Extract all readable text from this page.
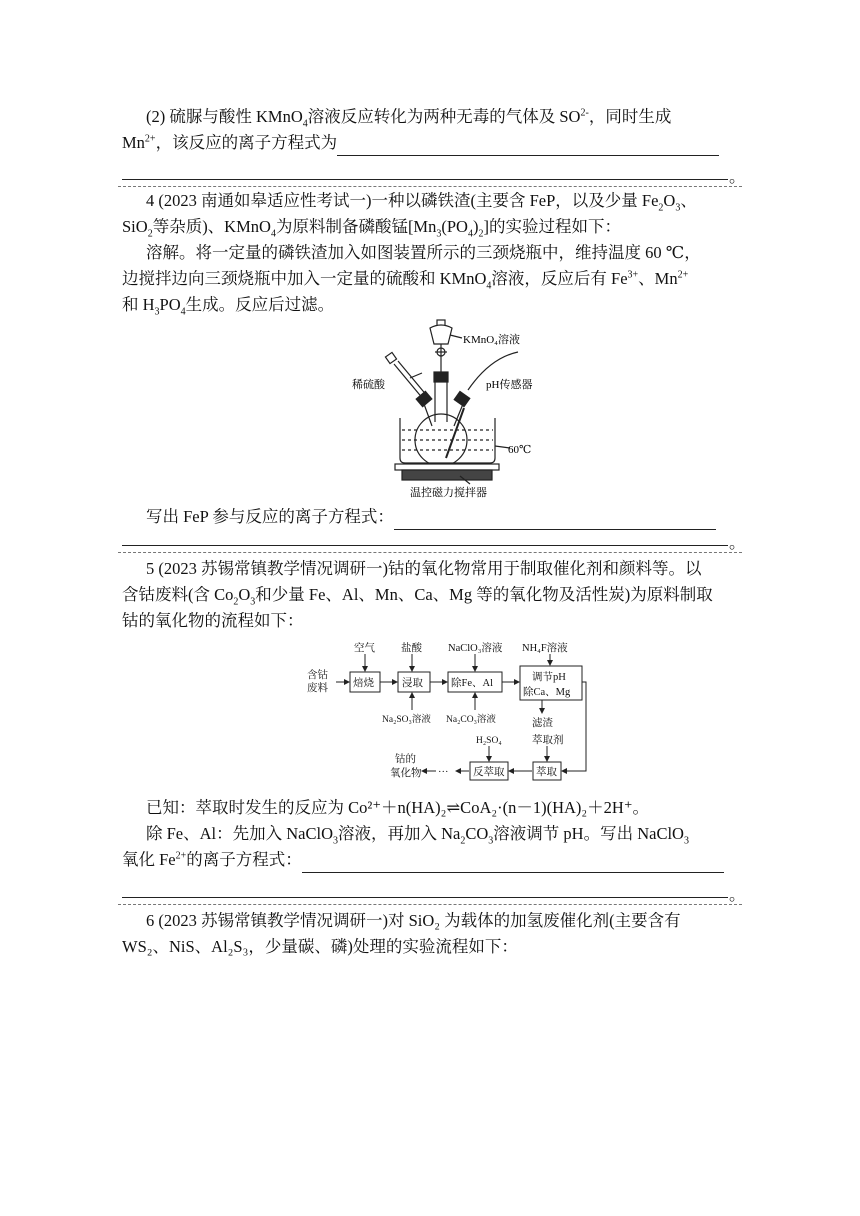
(2) 硫脲与酸性 KMnO$_4$溶液反应转化为两种无毒的气体及 $SO^{2-}$，同时生成

$Mn^{2+}$，该反应的离子方程式为

。

4 (2023 南通如皋适应性考试一)一种以磷铁渣(主要含 FeP，以及少量 $Fe_2O_3$、

SiO$_2$等杂质)、KMnO$_4$为原料制备磷酸锰$[Mn_3(PO_4)_2]$的实验过程如下：

溶解。将一定量的磷铁渣加入如图装置所示的三颈烧瓶中，维持温度 60 ℃，
边搅拌边向三颈烧瓶中加入一定量的硫酸和 KMnO$_4$溶液，反应后有 $Fe^{3+}$、$Mn^{2+}$
和 $H_3PO_4$生成。反应后过滤。

KMnO₄溶液
稀硫酸	pH传感器
60℃
温控磁力搅拌器

写出 FeP 参与反应的离子方程式：

。

5 (2023 苏锡常镇教学情况调研一)钴的氧化物常用于制取催化剂和颜料等。以

含钴废料(含 $Co_2O_3$和少量 Fe、Al、Mn、Ca、Mg 等的氧化物及活性炭)为原料制取

钴的氧化物的流程如下：

含钴
废料
空气 盐酸 NaClO₃溶液 NH₄F溶液
焙烧	浸取	除Fe、Al
调节pH
除Ca、Mg
Na₂SO₃溶液 Na₂CO₃溶液	滤渣
H₂SO₄	萃取剂
钴的
氧化物 ··· 反萃取	萃取

已知：萃取时发生的反应为 Co²⁺＋n(HA)₂⇌CoA₂·(n－1)(HA)₂＋2H⁺。

除 Fe、Al：先加入 NaClO$_3$溶液，再加入 $Na_2CO_3$溶液调节 pH。写出 NaClO$_3$

氧化 $Fe^{2+}$的离子方程式：

。

6 (2023 苏锡常镇教学情况调研一)对 SiO₂ 为载体的加氢废催化剂(主要含有

WS₂、NiS、Al₂S₃，少量碳、磷)处理的实验流程如下：
